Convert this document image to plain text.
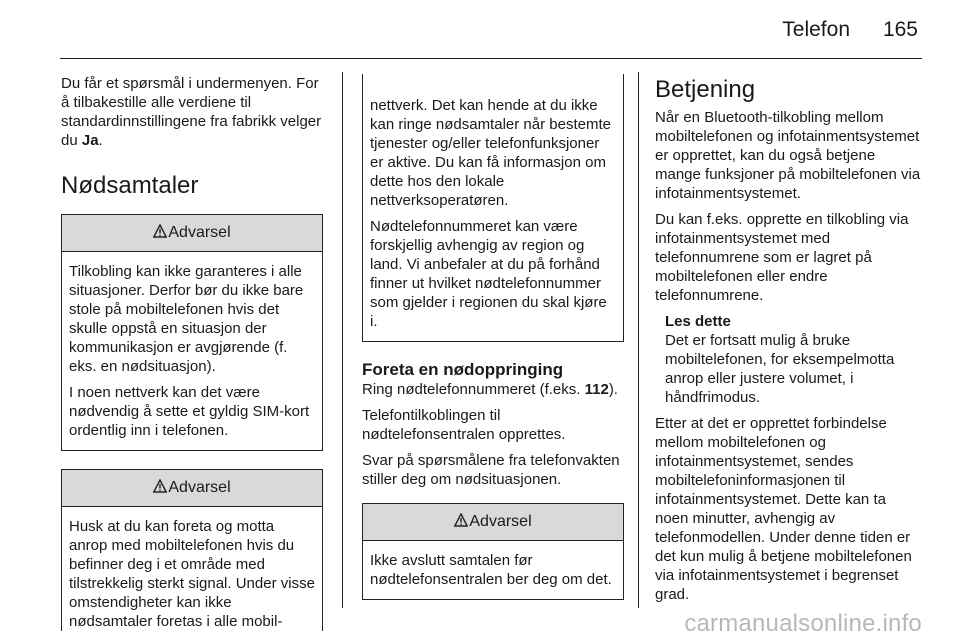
Telefon 165

Du får et spørsmål i undermenyen. For å tilbakestille alle verdiene til standardinnstillingene fra fabrikk velger du Ja.

Nødsamtaler
Advarsel

Tilkobling kan ikke garanteres i alle situasjoner. Derfor bør du ikke bare stole på mobiltelefonen hvis det skulle oppstå en situasjon der kommunikasjon er avgjørende (f. eks. en nødsituasjon).

I noen nettverk kan det være nødvendig å sette et gyldig SIM-kort ordentlig inn i telefonen.

Advarsel

Husk at du kan foreta og motta anrop med mobiltelefonen hvis du befinner deg i et område med tilstrekkelig sterkt signal. Under visse omstendigheter kan ikke nødsamtaler foretas i alle mobil-

nettverk. Det kan hende at du ikke kan ringe nødsamtaler når bestemte tjenester og/eller telefonfunksjoner er aktive. Du kan få informasjon om dette hos den lokale nettverksoperatøren.

Nødtelefonnummeret kan være forskjellig avhengig av region og land. Vi anbefaler at du på forhånd finner ut hvilket nødtelefonnummer som gjelder i regionen du skal kjøre i.

Foreta en nødoppringing

Ring nødtelefonnummeret (f.eks. 112).

Telefontilkoblingen til nødtelefonsentralen opprettes.

Svar på spørsmålene fra telefonvakten stiller deg om nødsituasjonen.

Advarsel

Ikke avslutt samtalen før nødtelefonsentralen ber deg om det.

Betjening

Når en Bluetooth-tilkobling mellom mobiltelefonen og infotainmentsystemet er opprettet, kan du også betjene mange funksjoner på mobiltelefonen via infotainmentsystemet.

Du kan f.eks. opprette en tilkobling via infotainmentsystemet med telefonnumrene som er lagret på mobiltelefonen eller endre telefonnumrene.

Les dette
Det er fortsatt mulig å bruke mobiltelefonen, for eksempelmotta anrop eller justere volumet, i håndfrimodus.

Etter at det er opprettet forbindelse mellom mobiltelefonen og infotainmentsystemet, sendes mobiltelefoninformasjonen til infotainmentsystemet. Dette kan ta noen minutter, avhengig av telefonmodellen. Under denne tiden er det kun mulig å betjene mobiltelefonen via infotainmentsystemet i begrenset grad.

carmanualsonline.info
